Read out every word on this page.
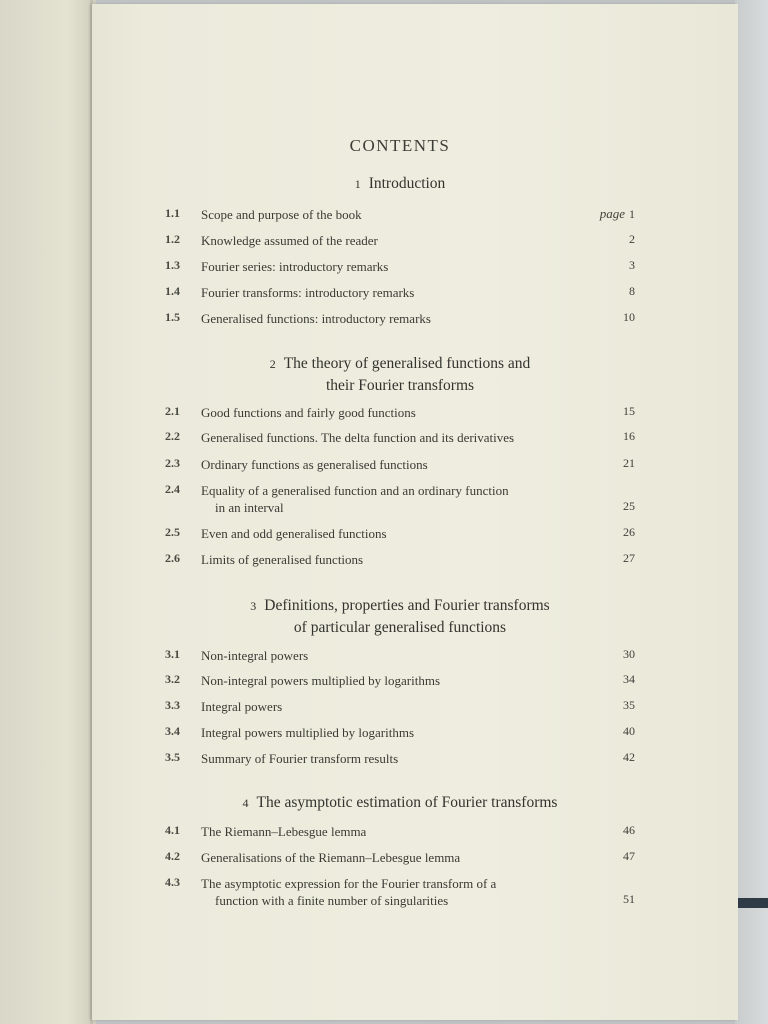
CONTENTS
1 Introduction
1.1	Scope and purpose of the book	page 1
1.2	Knowledge assumed of the reader	2
1.3	Fourier series: introductory remarks	3
1.4	Fourier transforms: introductory remarks	8
1.5	Generalised functions: introductory remarks	10
2 The theory of generalised functions and
their Fourier transforms
2.1	Good functions and fairly good functions	15
2.2	Generalised functions. The delta function and its derivatives	16
2.3	Ordinary functions as generalised functions	21
2.4	Equality of a generalised function and an ordinary function
in an interval	25
2.5	Even and odd generalised functions	26
2.6	Limits of generalised functions	27
3 Definitions, properties and Fourier transforms
of particular generalised functions
3.1	Non-integral powers	30
3.2	Non-integral powers multiplied by logarithms	34
3.3	Integral powers	35
3.4	Integral powers multiplied by logarithms	40
3.5	Summary of Fourier transform results	42
4 The asymptotic estimation of Fourier transforms
4.1	The Riemann–Lebesgue lemma	46
4.2	Generalisations of the Riemann–Lebesgue lemma	47
4.3	The asymptotic expression for the Fourier transform of a
function with a finite number of singularities	51
